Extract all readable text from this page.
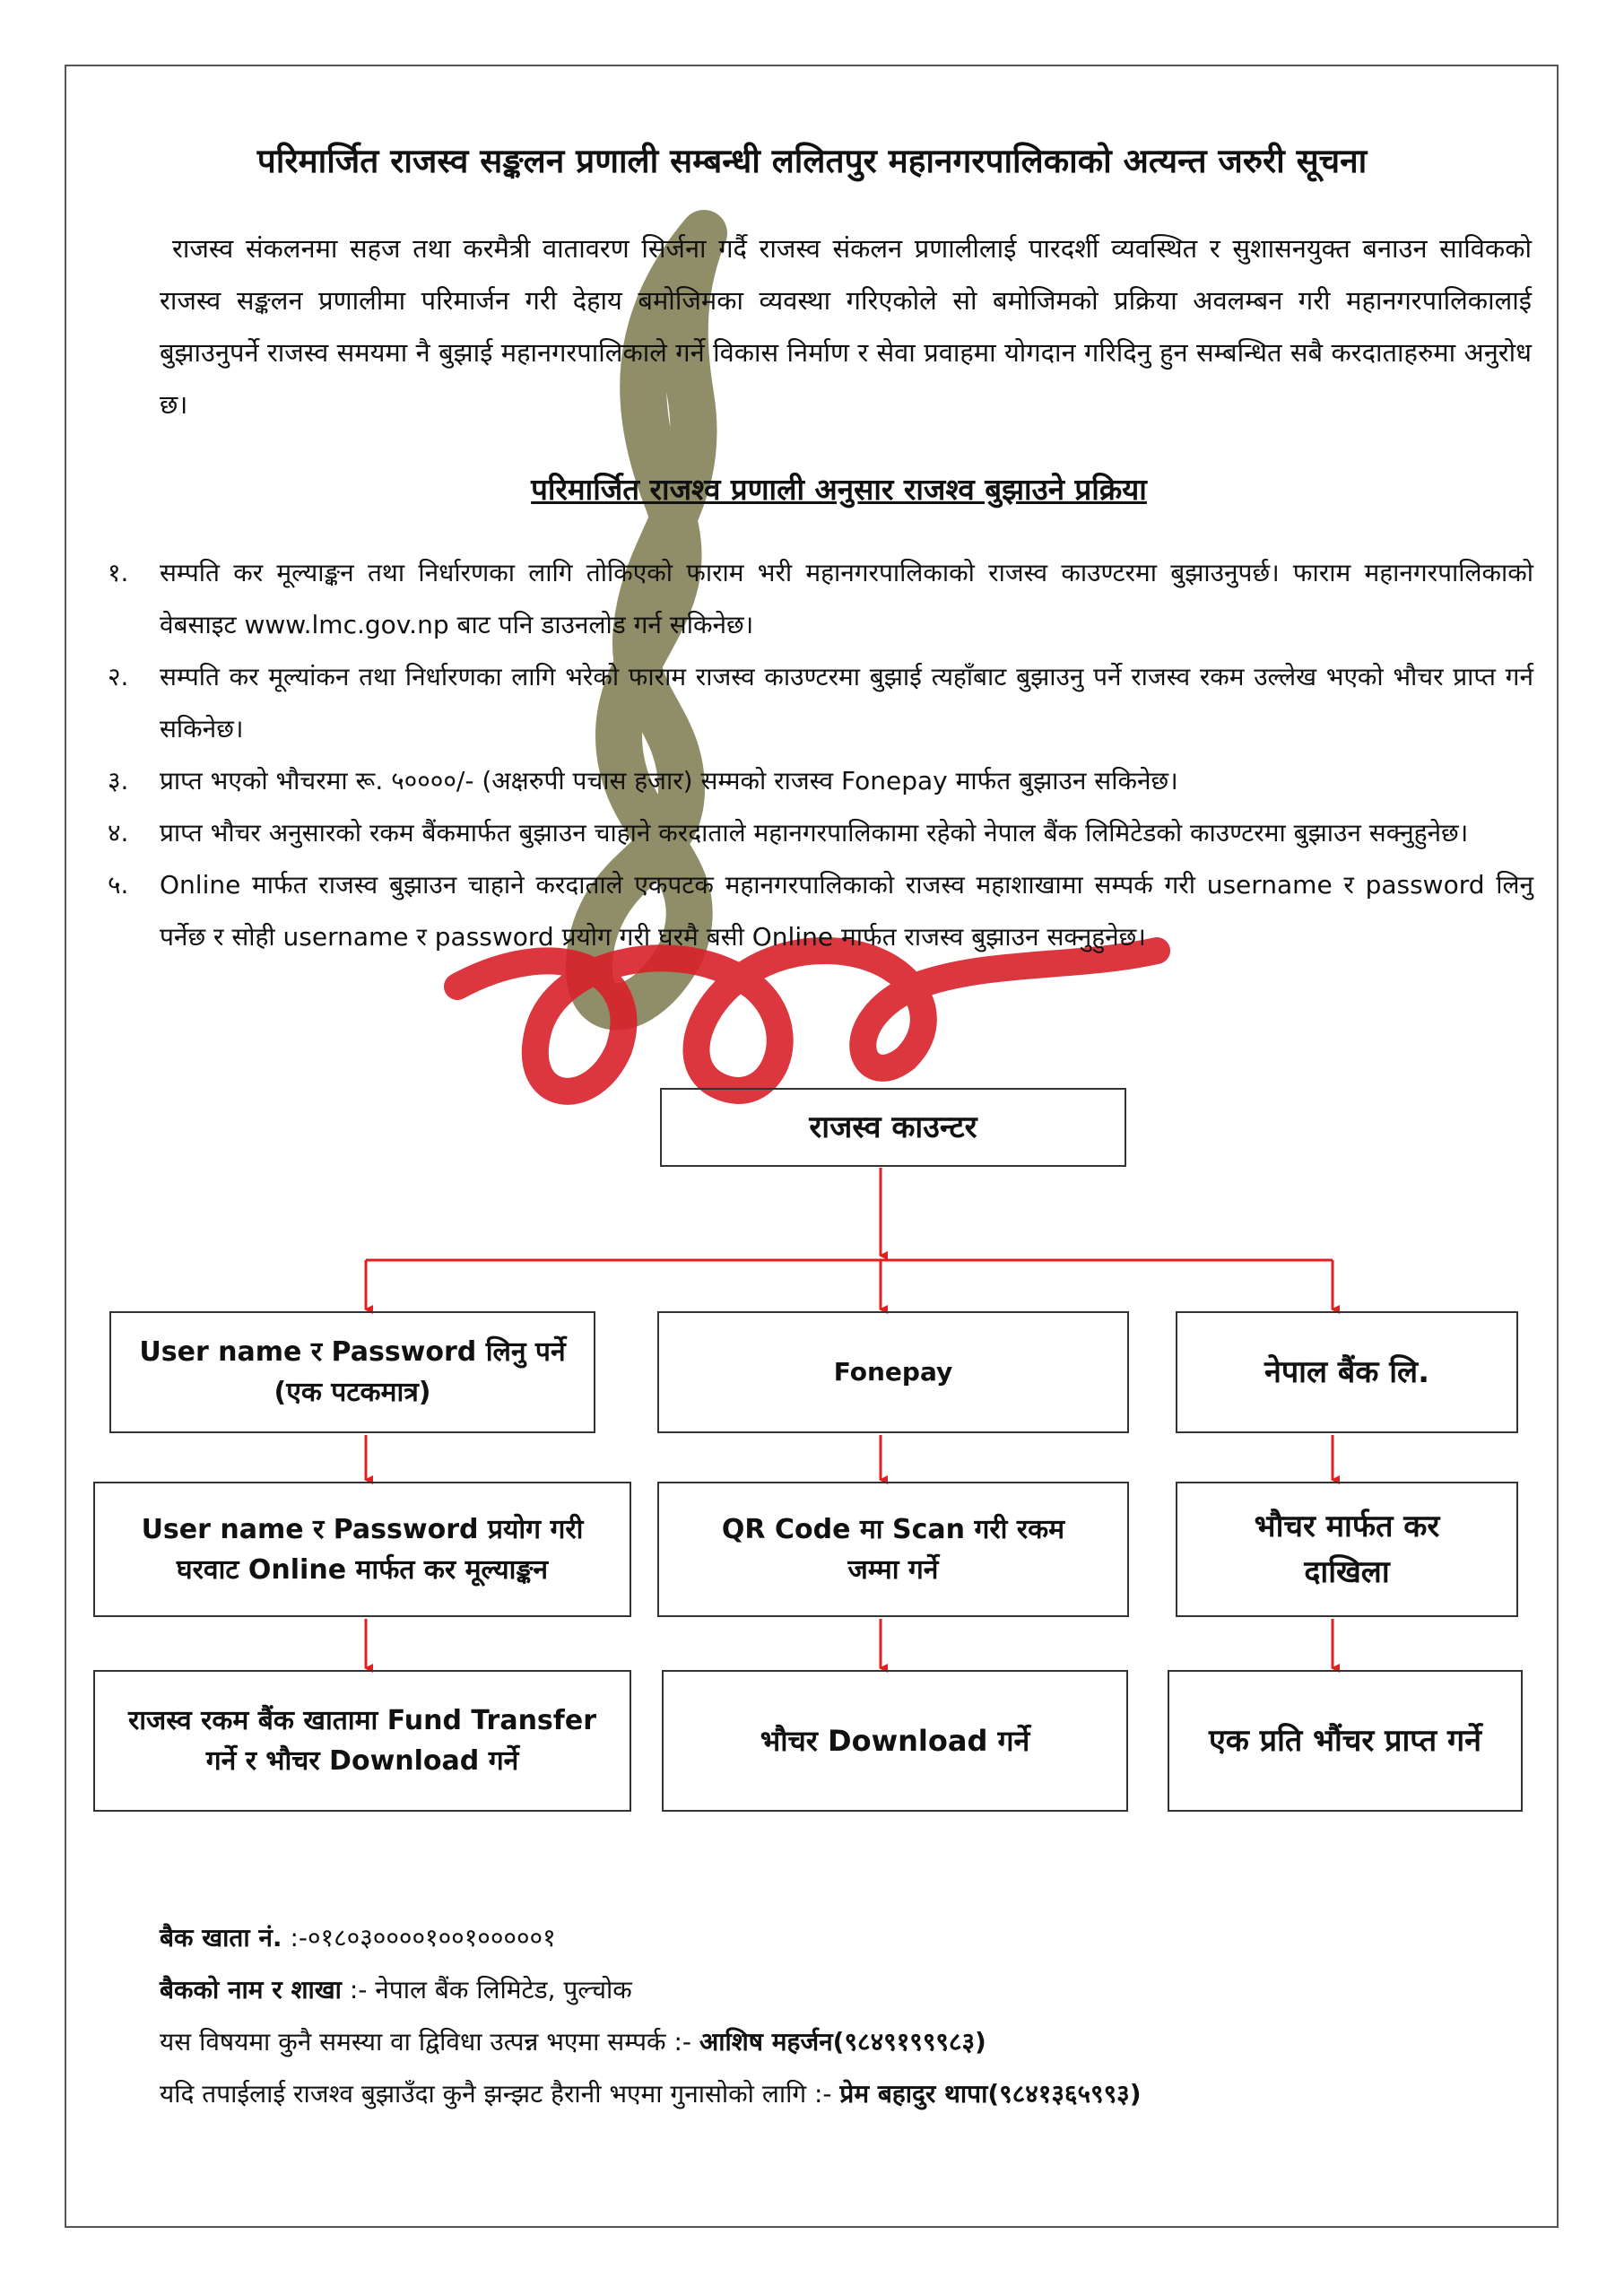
परिमार्जित राजस्व सङ्कलन प्रणाली सम्बन्धी ललितपुर महानगरपालिकाको अत्यन्त जरुरी सूचना
राजस्व संकलनमा सहज तथा करमैत्री वातावरण सिर्जना गर्दै राजस्व संकलन प्रणालीलाई पारदर्शी व्यवस्थित र सुशासनयुक्त बनाउन साविकको राजस्व सङ्कलन प्रणालीमा परिमार्जन गरी देहाय बमोजिमका व्यवस्था गरिएकोले सो बमोजिमको प्रक्रिया अवलम्बन गरी महानगरपालिकालाई बुझाउनुपर्ने राजस्व समयमा नै बुझाई महानगरपालिकाले गर्ने विकास निर्माण र सेवा प्रवाहमा योगदान गरिदिनु हुन सम्बन्धित सबै करदाताहरुमा अनुरोध छ।
परिमार्जित राजश्व प्रणाली अनुसार राजश्व बुझाउने प्रक्रिया
१.	सम्पति कर मूल्याङ्कन तथा निर्धारणका लागि तोकिएको फाराम भरी महानगरपालिकाको राजस्व काउण्टरमा बुझाउनुपर्छ। फाराम महानगरपालिकाको वेबसाइट www.lmc.gov.np बाट पनि डाउनलोड गर्न सकिनेछ।
२.	सम्पति कर मूल्यांकन तथा निर्धारणका लागि भरेको फाराम राजस्व काउण्टरमा बुझाई त्यहाँबाट बुझाउनु पर्ने राजस्व रकम उल्लेख भएको भौचर प्राप्त गर्न सकिनेछ।
३.	प्राप्त भएको भौचरमा रू. ५००००/- (अक्षरुपी पचास हजार) सम्मको राजस्व Fonepay मार्फत बुझाउन सकिनेछ।
४.	प्राप्त भौचर अनुसारको रकम बैंकमार्फत बुझाउन चाहाने करदाताले महानगरपालिकामा रहेको नेपाल बैंक लिमिटेडको काउण्टरमा बुझाउन सक्नुहुनेछ।
५.	Online मार्फत राजस्व बुझाउन चाहाने करदाताले एकपटक महानगरपालिकाको राजस्व महाशाखामा सम्पर्क गरी username र password लिनु पर्नेछ र सोही username र password प्रयोग गरी घरमै बसी Online मार्फत राजस्व बुझाउन सक्नुहुनेछ।
राजस्व काउन्टर
User name र Password लिनु पर्ने (एक पटकमात्र)
Fonepay	नेपाल बैंक लि.
User name र Password प्रयोग गरी घरवाट Online मार्फत कर मूल्याङ्कन
QR Code मा Scan गरी रकम जम्मा गर्ने
भौचर मार्फत कर दाखिला
राजस्व रकम बैंक खातामा Fund Transfer गर्ने र भौचर Download गर्ने
भौचर Download गर्ने	एक प्रति भौंचर प्राप्त गर्ने
बैक खाता नं. :-०१८०३००००१००१०००००१
बैकको नाम र शाखा :- नेपाल बैंक लिमिटेड, पुल्चोक
यस विषयमा कुनै समस्या वा द्विविधा उत्पन्न भएमा सम्पर्क :- आशिष महर्जन(९८४९१९९९८३)
यदि तपाईलाई राजश्व बुझाउँदा कुनै झन्झट हैरानी भएमा गुनासोको लागि :- प्रेम बहादुर थापा(९८४१३६५९९३)
